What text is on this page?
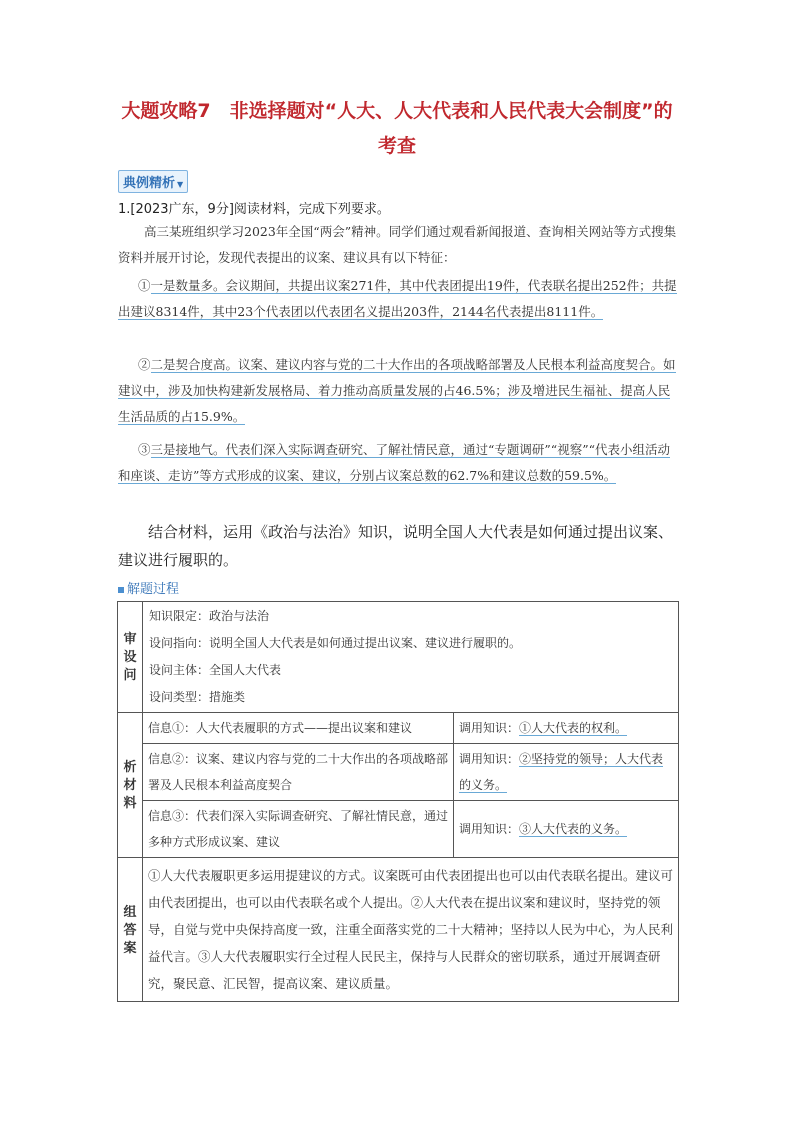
大题攻略7　非选择题对“人大、人大代表和人民代表大会制度”的
考查
典例精析 ▼
1.[2023广东，9分]阅读材料，完成下列要求。
高三某班组织学习2023年全国“两会”精神。同学们通过观看新闻报道、查询相关网站等方式搜集资料并展开讨论，发现代表提出的议案、建议具有以下特征：
①一是数量多。会议期间，共提出议案271件，其中代表团提出19件，代表联名提出252件；共提出建议8314件，其中23个代表团以代表团名义提出203件，2144名代表提出8111件。
②二是契合度高。议案、建议内容与党的二十大作出的各项战略部署及人民根本利益高度契合。如建议中，涉及加快构建新发展格局、着力推动高质量发展的占46.5%；涉及增进民生福祉、提高人民生活品质的占15.9%。
③三是接地气。代表们深入实际调查研究、了解社情民意，通过“专题调研”“视察”“代表小组活动和座谈、走访”等方式形成的议案、建议，分别占议案总数的62.7%和建议总数的59.5%。
结合材料，运用《政治与法治》知识，说明全国人大代表是如何通过提出议案、建议进行履职的。
解题过程
审设问	知识限定：政治与法治
设问指向：说明全国人大代表是如何通过提出议案、建议进行履职的。
设问主体：全国人大代表
设问类型：措施类	

析材料	信息①：人大代表履职的方式——提出议案和建议	调用知识：①人大代表的权利。
	信息②：议案、建议内容与党的二十大作出的各项战略部署及人民根本利益高度契合	调用知识：②坚持党的领导；人大代表的义务。
	信息③：代表们深入实际调查研究、了解社情民意，通过多种方式形成议案、建议	调用知识：③人大代表的义务。
组答案	①人大代表履职更多运用提建议的方式。议案既可由代表团提出也可以由代表联名提出。建议可由代表团提出，也可以由代表联名或个人提出。②人大代表在提出议案和建议时，坚持党的领导，自觉与党中央保持高度一致，注重全面落实党的二十大精神；坚持以人民为中心，为人民利益代言。③人大代表履职实行全过程人民民主，保持与人民群众的密切联系，通过开展调查研究，聚民意、汇民智，提高议案、建议质量。	
